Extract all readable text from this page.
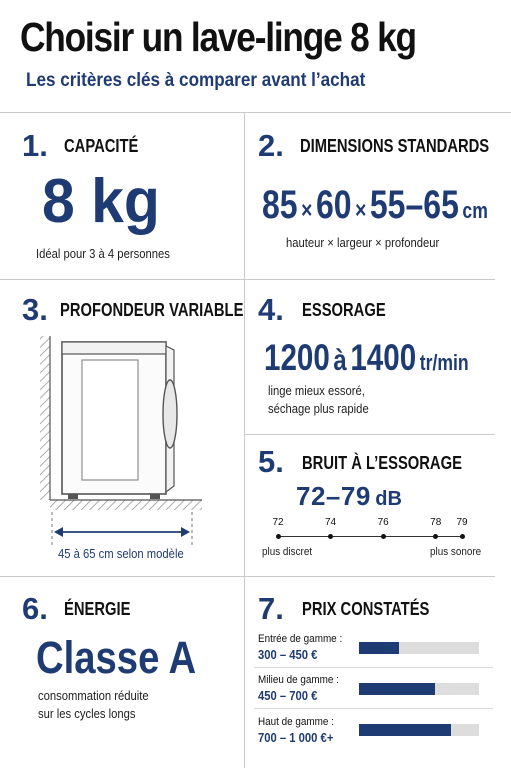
Choisir un lave-linge 8 kg
Les critères clés à comparer avant l’achat
1. CAPACITÉ
8 kg
Idéal pour 3 à 4 personnes
2. DIMENSIONS STANDARDS
85 × 60 × 55–65 cm
hauteur × largeur × profondeur
3. PROFONDEUR VARIABLE
45 à 65 cm selon modèle
4. ESSORAGE
1200 à 1400 tr/min
linge mieux essoré,
séchage plus rapide
5. BRUIT À L’ESSORAGE
72–79 dB
72	74	76	78	79
plus discret	plus sonore
6. ÉNERGIE
Classe A
consommation réduite
sur les cycles longs
7. PRIX CONSTATÉS
Entrée de gamme :
300 – 450 €
Milieu de gamme :
450 – 700 €
Haut de gamme :
700 – 1 000 €+
